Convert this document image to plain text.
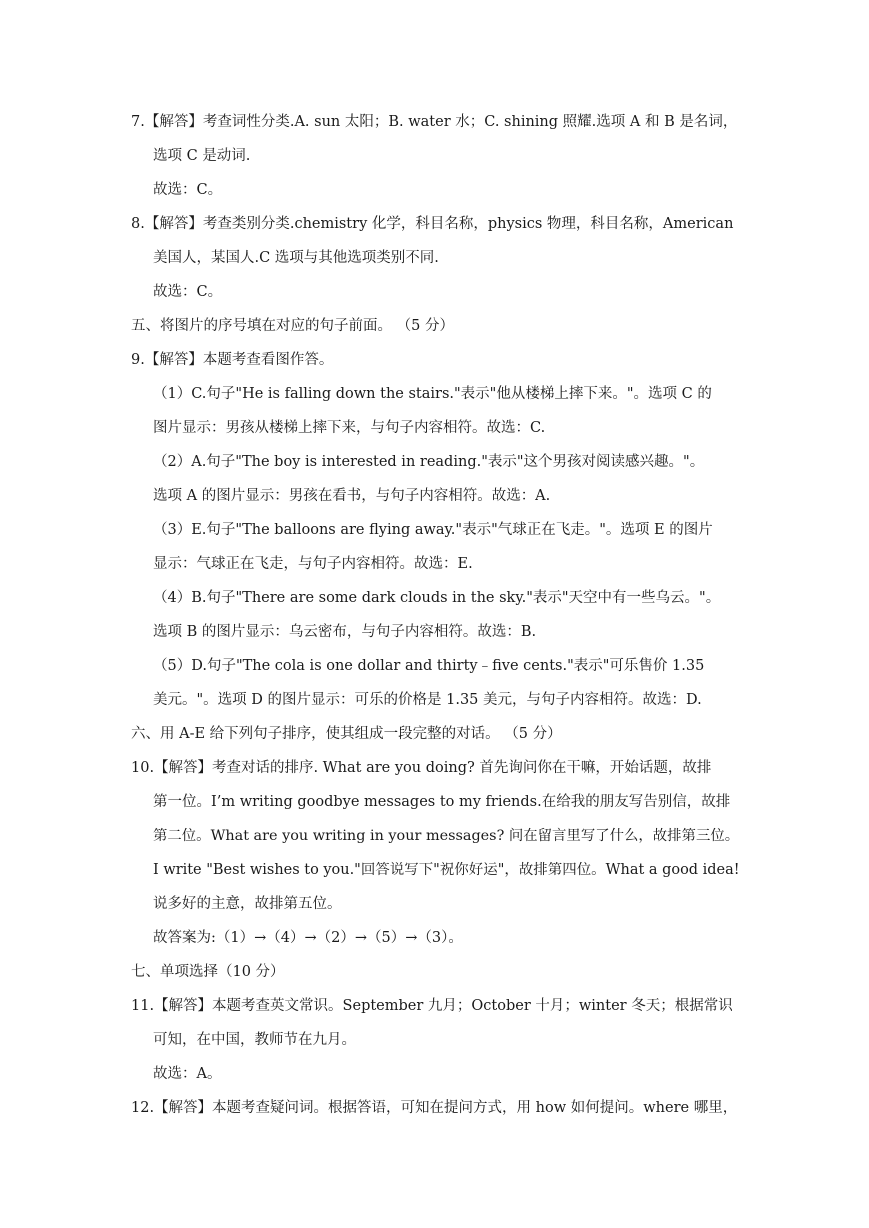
7.【解答】考查词性分类.A. sun 太阳；B. water 水；C. shining 照耀.选项 A 和 B 是名词，
选项 C 是动词.
故选：C。
8.【解答】考查类别分类.chemistry 化学，科目名称，physics 物理，科目名称，American
美国人，某国人.C 选项与其他选项类别不同.
故选：C。
五、将图片的序号填在对应的句子前面。 （5 分）
9.【解答】本题考查看图作答。
（1）C.句子"He is falling down the stairs."表示"他从楼梯上摔下来。"。选项 C 的
图片显示：男孩从楼梯上摔下来，与句子内容相符。故选：C.
（2）A.句子"The boy is interested in reading."表示"这个男孩对阅读感兴趣。"。
选项 A 的图片显示：男孩在看书，与句子内容相符。故选：A.
（3）E.句子"The balloons are flying away."表示"气球正在飞走。"。选项 E 的图片
显示：气球正在飞走，与句子内容相符。故选：E.
（4）B.句子"There are some dark clouds in the sky."表示"天空中有一些乌云。"。
选项 B 的图片显示：乌云密布，与句子内容相符。故选：B.
（5）D.句子"The cola is one dollar and thirty﹣five cents."表示"可乐售价 1.35
美元。"。选项 D 的图片显示：可乐的价格是 1.35 美元，与句子内容相符。故选：D.
六、用 A-E 给下列句子排序，使其组成一段完整的对话。 （5 分）
10.【解答】考查对话的排序. What are you doing? 首先询问你在干嘛，开始话题，故排
第一位。I’m writing goodbye messages to my friends.在给我的朋友写告别信，故排
第二位。What are you writing in your messages? 问在留言里写了什么，故排第三位。
I write "Best wishes to you."回答说写下"祝你好运"，故排第四位。What a good idea!
说多好的主意，故排第五位。
故答案为:（1）→（4）→（2）→（5）→（3）。
七、单项选择（10 分）
11.【解答】本题考查英文常识。September 九月；October 十月；winter 冬天；根据常识
可知，在中国，教师节在九月。
故选：A。
12.【解答】本题考查疑问词。根据答语，可知在提问方式，用 how 如何提问。where 哪里，
